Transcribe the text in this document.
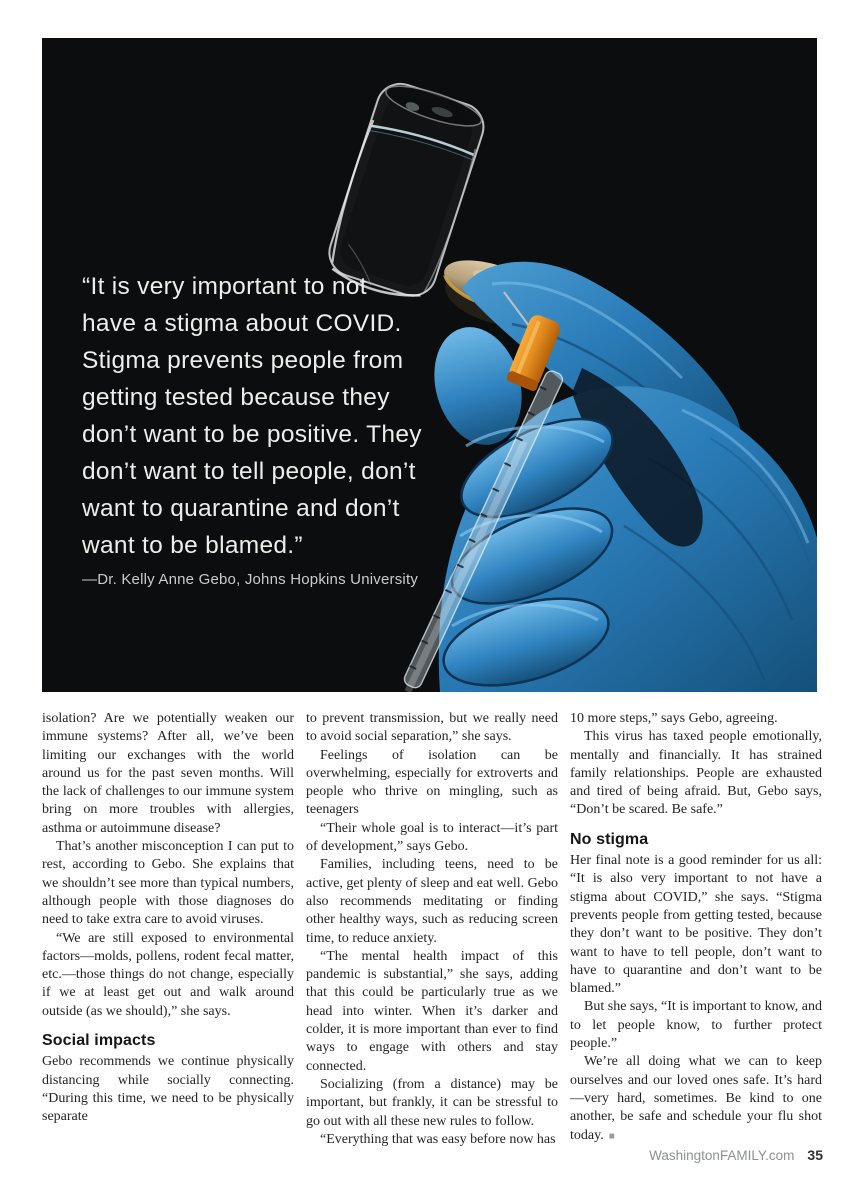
“It is very important to not
have a stigma about COVID.
Stigma prevents people from
getting tested because they
don’t want to be positive. They
don’t want to tell people, don’t
want to quarantine and don’t
want to be blamed.”
—Dr. Kelly Anne Gebo, Johns Hopkins University

isolation? Are we potentially weaken our immune systems? After all, we’ve been limiting our exchanges with the world around us for the past seven months. Will the lack of challenges to our immune system bring on more troubles with allergies, asthma or autoimmune disease?

That’s another misconception I can put to rest, according to Gebo. She explains that we shouldn’t see more than typical numbers, although people with those diagnoses do need to take extra care to avoid viruses.

“We are still exposed to environmental factors—molds, pollens, rodent fecal matter, etc.—those things do not change, especially if we at least get out and walk around outside (as we should),” she says.

Social impacts

Gebo recommends we continue physically distancing while socially connecting. “During this time, we need to be physically separate

to prevent transmission, but we really need to avoid social separation,” she says.

Feelings of isolation can be overwhelming, especially for extroverts and people who thrive on mingling, such as teenagers

“Their whole goal is to interact—it’s part of development,” says Gebo.

Families, including teens, need to be active, get plenty of sleep and eat well. Gebo also recommends meditating or finding other healthy ways, such as reducing screen time, to reduce anxiety.

“The mental health impact of this pandemic is substantial,” she says, adding that this could be particularly true as we head into winter. When it’s darker and colder, it is more important than ever to find ways to engage with others and stay connected.

Socializing (from a distance) may be important, but frankly, it can be stressful to go out with all these new rules to follow.

“Everything that was easy before now has

10 more steps,” says Gebo, agreeing.

This virus has taxed people emotionally, mentally and financially. It has strained family relationships. People are exhausted and tired of being afraid. But, Gebo says, “Don’t be scared. Be safe.”

No stigma

Her final note is a good reminder for us all: “It is also very important to not have a stigma about COVID,” she says. “Stigma prevents people from getting tested, because they don’t want to be positive. They don’t want to have to tell people, don’t want to have to quarantine and don’t want to be blamed.”

But she says, “It is important to know, and to let people know, to further protect people.”

We’re all doing what we can to keep ourselves and our loved ones safe. It’s hard—very hard, sometimes. Be kind to one another, be safe and schedule your flu shot today. ■

WashingtonFAMILY.com 35
